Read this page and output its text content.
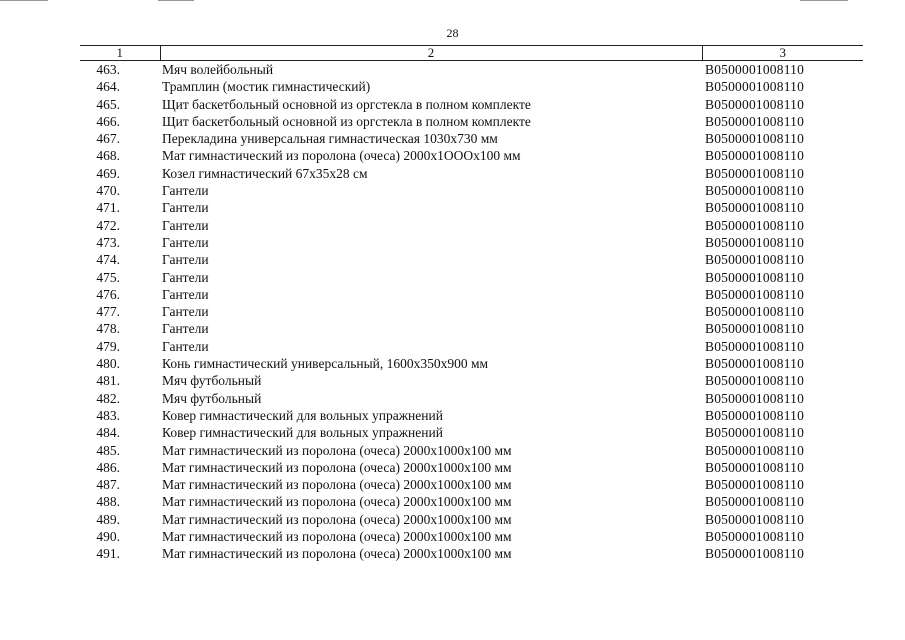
28
1	2	3
463.	Мяч волейбольный	B0500001008110
464.	Трамплин (мостик гимнастический)	B0500001008110
465.	Щит баскетбольный основной из оргстекла в полном комплекте	B0500001008110
466.	Щит баскетбольный основной из оргстекла в полном комплекте	B0500001008110
467.	Перекладина универсальная гимнастическая 1030x730 мм	B0500001008110
468.	Мат гимнастический из поролона (очеса) 2000x1OOOx100 мм	B0500001008110
469.	Козел гимнастический 67x35x28 см	B0500001008110
470.	Гантели	B0500001008110
471.	Гантели	B0500001008110
472.	Гантели	B0500001008110
473.	Гантели	B0500001008110
474.	Гантели	B0500001008110
475.	Гантели	B0500001008110
476.	Гантели	B0500001008110
477.	Гантели	B0500001008110
478.	Гантели	B0500001008110
479.	Гантели	B0500001008110
480.	Конь гимнастический универсальный, 1600x350x900 мм	B0500001008110
481.	Мяч футбольный	B0500001008110
482.	Мяч футбольный	B0500001008110
483.	Ковер гимнастический для вольных упражнений	B0500001008110
484.	Ковер гимнастический для вольных упражнений	B0500001008110
485.	Мат гимнастический из поролона (очеса) 2000x1000x100 мм	B0500001008110
486.	Мат гимнастический из поролона (очеса) 2000x1000x100 мм	B0500001008110
487.	Мат гимнастический из поролона (очеса) 2000x1000x100 мм	B0500001008110
488.	Мат гимнастический из поролона (очеса) 2000x1000x100 мм	B0500001008110
489.	Мат гимнастический из поролона (очеса) 2000x1000x100 мм	B0500001008110
490.	Мат гимнастический из поролона (очеса) 2000x1000x100 мм	B0500001008110
491.	Мат гимнастический из поролона (очеса) 2000x1000x100 мм	B0500001008110
